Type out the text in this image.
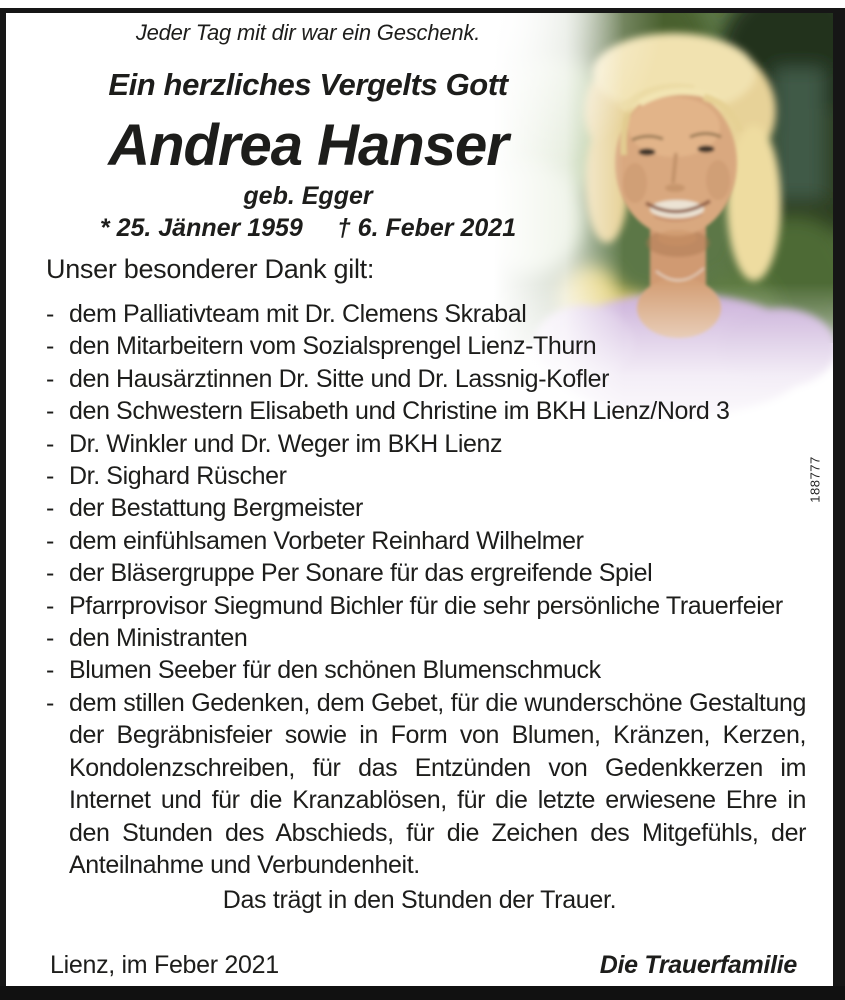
Jeder Tag mit dir war ein Geschenk.
Ein herzliches Vergelts Gott
Andrea Hanser
geb. Egger
* 25. Jänner 1959 † 6. Feber 2021
Unser besonderer Dank gilt:
- dem Palliativteam mit Dr. Clemens Skrabal
- den Mitarbeitern vom Sozialsprengel Lienz-Thurn
- den Hausärztinnen Dr. Sitte und Dr. Lassnig-Kofler
- den Schwestern Elisabeth und Christine im BKH Lienz/Nord 3
- Dr. Winkler und Dr. Weger im BKH Lienz
- Dr. Sighard Rüscher
- der Bestattung Bergmeister
- dem einfühlsamen Vorbeter Reinhard Wilhelmer
- der Bläsergruppe Per Sonare für das ergreifende Spiel
- Pfarrprovisor Siegmund Bichler für die sehr persönliche Trauerfeier
- den Ministranten
- Blumen Seeber für den schönen Blumenschmuck
- dem stillen Gedenken, dem Gebet, für die wunderschöne Gestaltung der Begräbnisfeier sowie in Form von Blumen, Kränzen, Kerzen, Kondolenzschreiben, für das Entzünden von Gedenkkerzen im Internet und für die Kranzablösen, für die letzte erwiesene Ehre in den Stunden des Abschieds, für die Zeichen des Mitgefühls, der Anteilnahme und Verbundenheit.
Das trägt in den Stunden der Trauer.
Lienz, im Feber 2021	Die Trauerfamilie
188777
